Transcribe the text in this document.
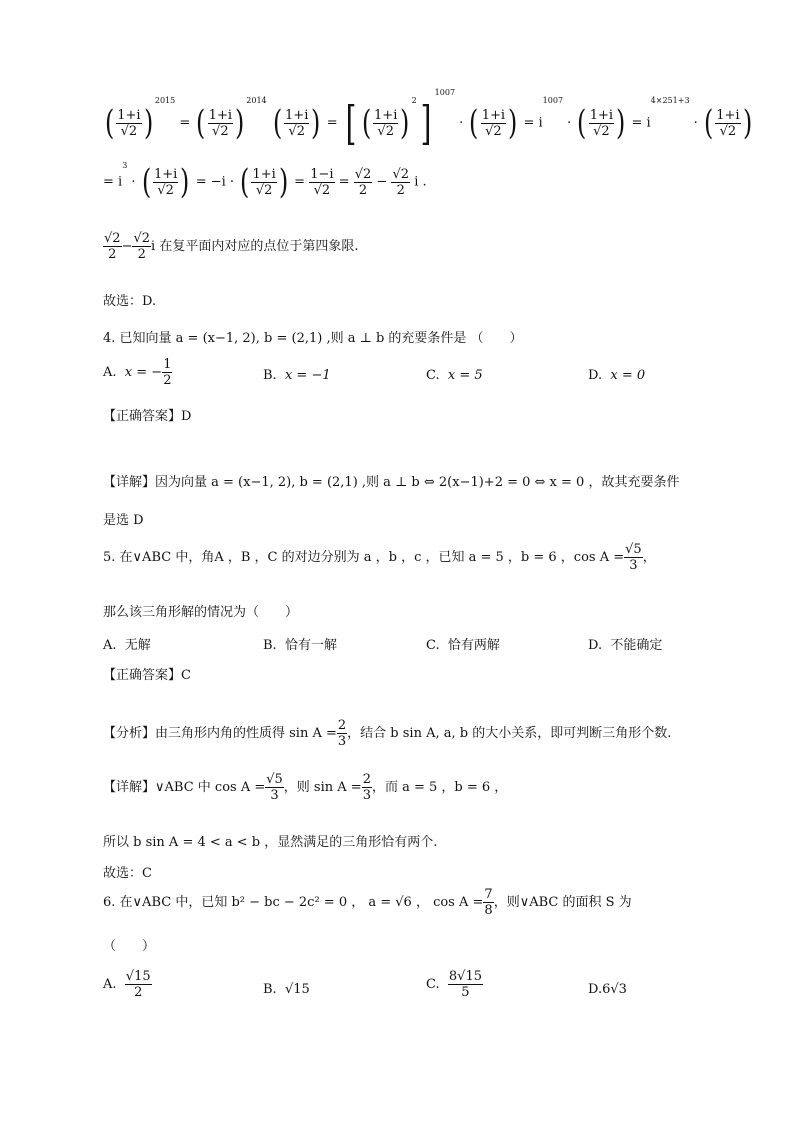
( $\frac{1+i}{√2} )^{2015}$ = ( $\frac{1+i}{√2} )^{2014}$ ( $\frac{1+i}{√2}$ ) = [ ( $\frac{1+i}{√2} )^2]^{1007}$ · ( $\frac{1+i}{√2}$ ) = $i^{1007}$ · ( $\frac{1+i}{√2}$ ) = $i^{4\times 251+3}$ · ( $\frac{1+i}{√2}$ )
= $i^3$ · ( $\frac{1+i}{√2}$ ) = −i · ( $\frac{1+i}{√2}$ ) = $\frac{1-i}{√2} = \frac{√2}{2} - \frac{√2}{2}$ i .
$\frac{√2}{2} - \frac{√2}{2}$ i 在复平面内对应的点位于第四象限.
故选：D.
4. 已知向量 a = (x−1, 2), b = (2,1) ,则 a ⊥ b 的充要条件是 （　　）
A. x = − $\frac{1}{2}$	B. x = −1	C. x = 5	D. x = 0
【正确答案】D
【详解】因为向量 a = (x−1, 2), b = (2,1) ,则 a ⊥ b ⇔ 2(x−1)+2 = 0 ⇔ x = 0 ，故其充要条件
是选 D
5. 在∨ABC 中，角A ，B ，C 的对边分别为 a ，b ，c ，已知 a = 5 ，b = 6 ，$\cos A = \frac{√5}{3}$ ，
那么该三角形解的情况为（　　）
A. 无解	B. 恰有一解	C. 恰有两解	D. 不能确定
【正确答案】C
【分析】由三角形内角的性质得 $\sin A = \frac{2}{3}$ ，结合 b sin A, a, b 的大小关系，即可判断三角形个数.
【详解】∨ABC 中 $\cos A = \frac{√5}{3}$ ，则 $\sin A = \frac{2}{3}$ ，而 a = 5 ，b = 6 ，
所以 b sin A = 4 < a < b ，显然满足的三角形恰有两个.
故选：C
6. 在∨ABC 中，已知 b² − bc − 2c² = 0 ， a = √6 ， $\cos A = \frac{7}{8}$ ，则∨ABC 的面积 S 为
（　　）
A. $\frac{√15}{2}$	B. √15	C. $\frac{8√15}{5}$	D.6√3
